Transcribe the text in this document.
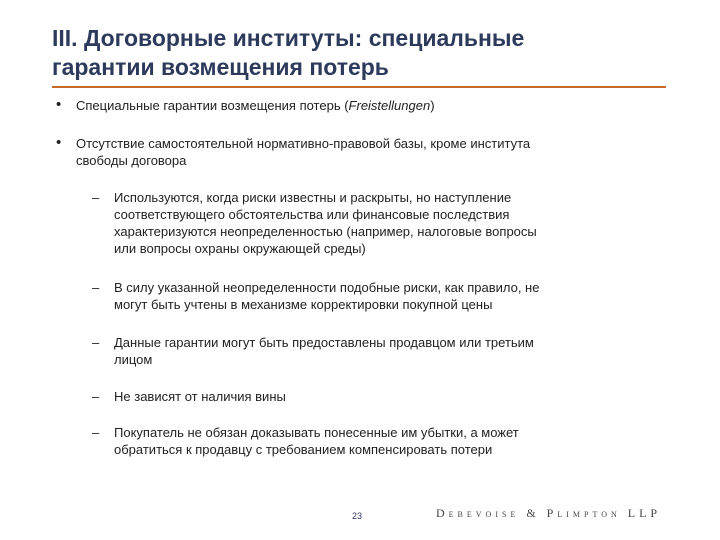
III. Договорные институты: специальные
гарантии возмещения потерь
• Специальные гарантии возмещения потерь (Freistellungen)
• Отсутствие самостоятельной нормативно-правовой базы, кроме института
свободы договора
– Используются, когда риски известны и раскрыты, но наступление
соответствующего обстоятельства или финансовые последствия
характеризуются неопределенностью (например, налоговые вопросы
или вопросы охраны окружающей среды)
– В силу указанной неопределенности подобные риски, как правило, не
могут быть учтены в механизме корректировки покупной цены
– Данные гарантии могут быть предоставлены продавцом или третьим
лицом
– Не зависят от наличия вины
– Покупатель не обязан доказывать понесенные им убытки, а может
обратиться к продавцу с требованием компенсировать потери
23	Debevoise & Plimpton LLP
